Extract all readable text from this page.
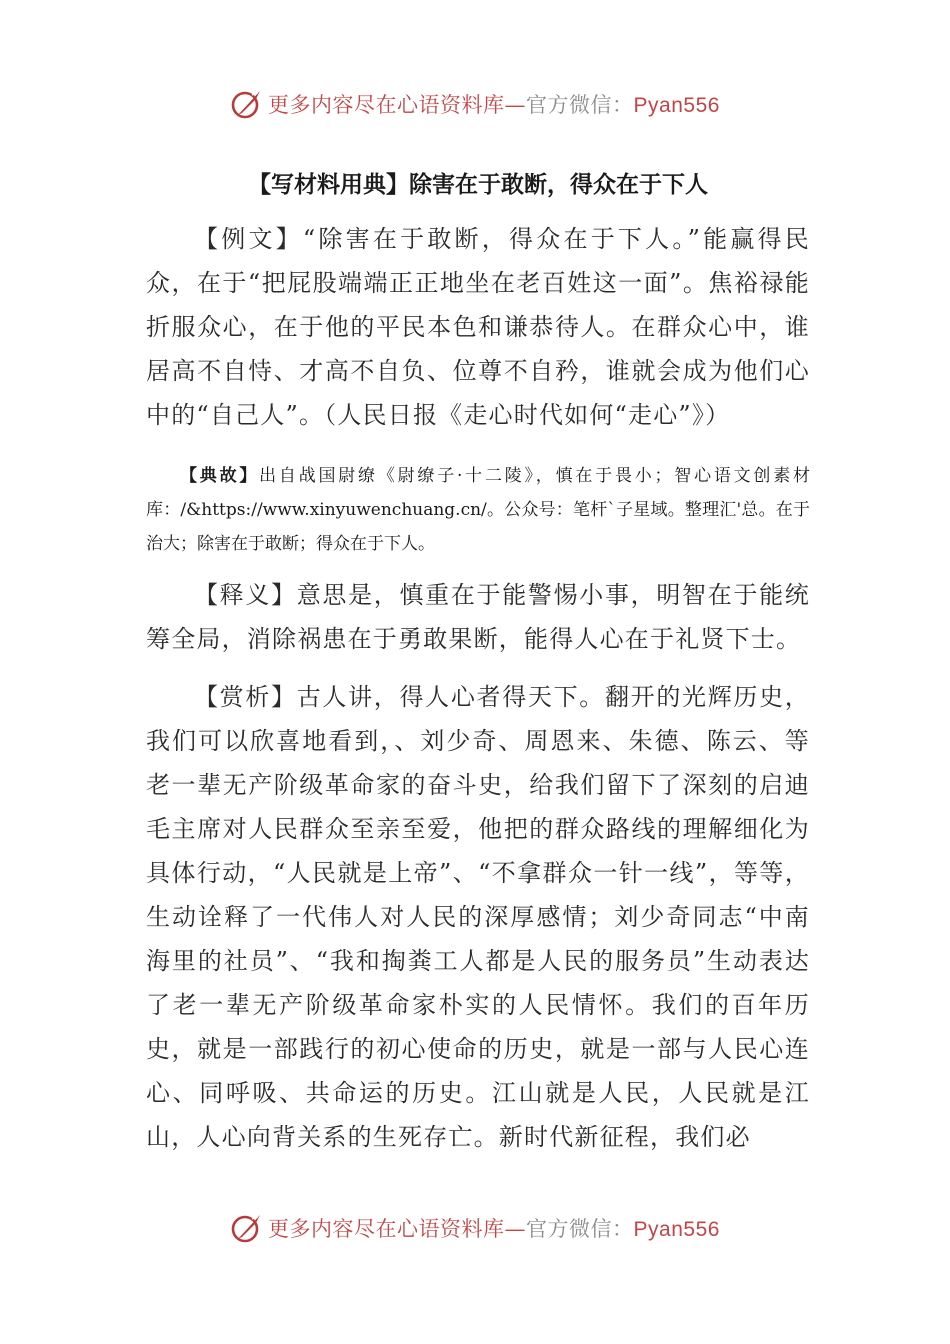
更多内容尽在心语资料库—官方微信：Pyan556
【写材料用典】除害在于敢断，得众在于下人

【例文】“除害在于敢断，得众在于下人。”能赢得民众，在于“把屁股端端正正地坐在老百姓这一面”。焦裕禄能折服众心，在于他的平民本色和谦恭待人。在群众心中，谁居高不自恃、才高不自负、位尊不自矜，谁就会成为他们心中的“自己人”。（人民日报《走心时代如何“走心”》）

【典故】出自战国尉缭《尉缭子·十二陵》，慎在于畏小；智心语文创素材库：/&https://www.xinyuwenchuang.cn/。公众号：笔杆`子星域。整理汇'总。在于治大；除害在于敢断；得众在于下人。

【释义】意思是，慎重在于能警惕小事，明智在于能统筹全局，消除祸患在于勇敢果断，能得人心在于礼贤下士。

【赏析】古人讲，得人心者得天下。翻开的光辉历史，我们可以欣喜地看到，、刘少奇、周恩来、朱德、陈云、等老一辈无产阶级革命家的奋斗史，给我们留下了深刻的启迪毛主席对人民群众至亲至爱，他把的群众路线的理解细化为具体行动，“人民就是上帝”、“不拿群众一针一线”，等等，生动诠释了一代伟人对人民的深厚感情；刘少奇同志“中南海里的社员”、“我和掏粪工人都是人民的服务员”生动表达了老一辈无产阶级革命家朴实的人民情怀。我们的百年历史，就是一部践行的初心使命的历史，就是一部与人民心连心、同呼吸、共命运的历史。江山就是人民，人民就是江山，人心向背关系的生死存亡。新时代新征程，我们必

更多内容尽在心语资料库—官方微信：Pyan556
